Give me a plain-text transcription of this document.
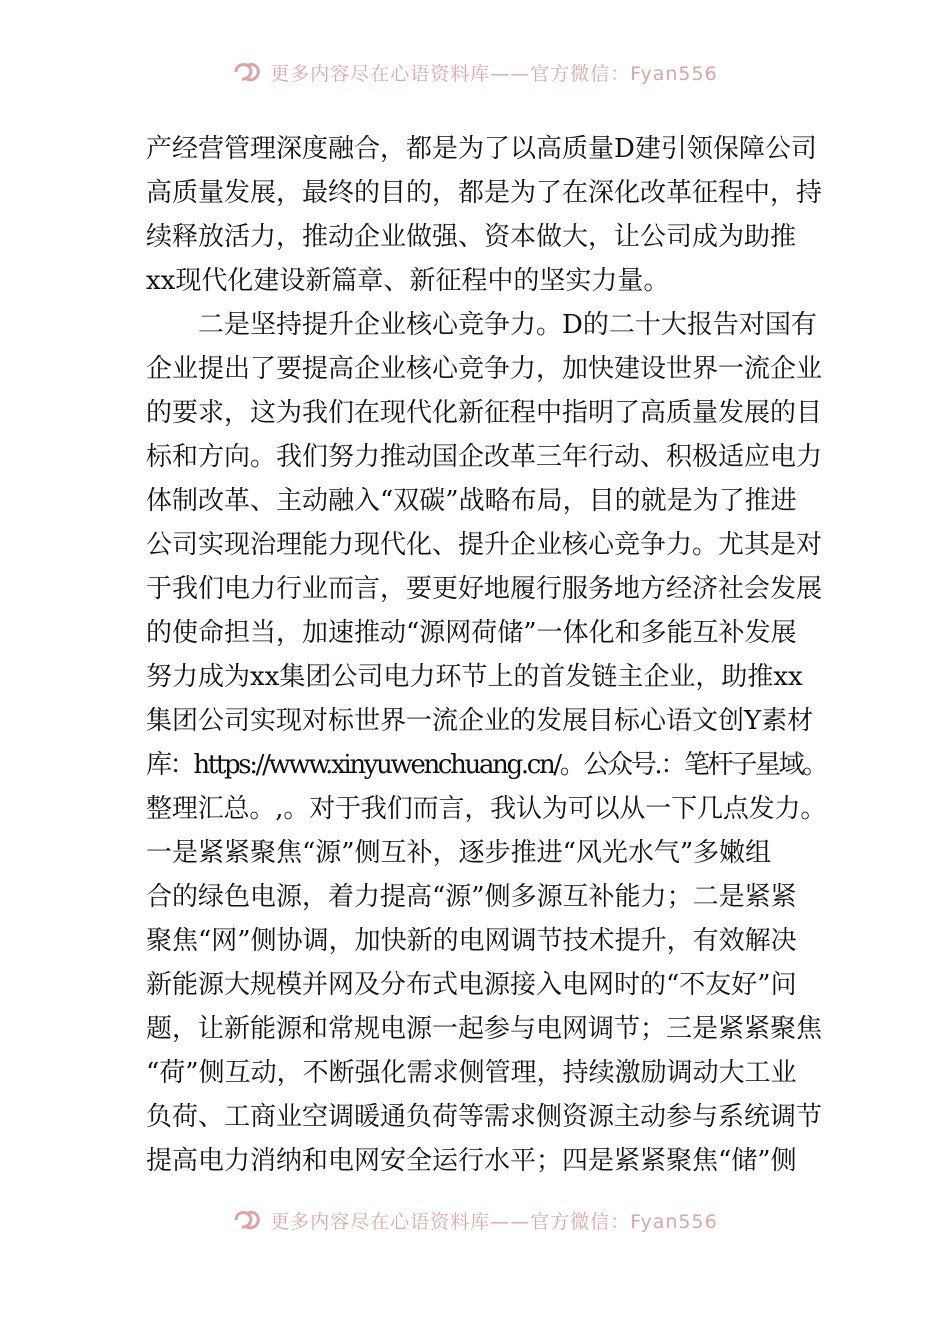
更多内容尽在心语资料库——官方微信：Fyan556
产经营管理深度融合，都是为了以高质量D建引领保障公司
高质量发展，最终的目的，都是为了在深化改革征程中，持
续释放活力，推动企业做强、资本做大，让公司成为助推
xx现代化建设新篇章、新征程中的坚实力量。
二是坚持提升企业核心竞争力。D的二十大报告对国有
企业提出了要提高企业核心竞争力，加快建设世界一流企业
的要求，这为我们在现代化新征程中指明了高质量发展的目
标和方向。我们努力推动国企改革三年行动、积极适应电力
体制改革、主动融入“双碳”战略布局，目的就是为了推进
公司实现治理能力现代化、提升企业核心竞争力。尤其是对
于我们电力行业而言，要更好地履行服务地方经济社会发展
的使命担当，加速推动“源网荷储”一体化和多能互补发展
努力成为xx集团公司电力环节上的首发链主企业，助推xx
集团公司实现对标世界一流企业的发展目标心语文创Y素材
库：https://www.xinyuwenchuang.cn/。公众号.：笔杆子星域。
整理汇总。,。对于我们而言，我认为可以从一下几点发力。
一是紧紧聚焦“源”侧互补，逐步推进“风光水气”多嫩组
合的绿色电源，着力提高“源”侧多源互补能力；二是紧紧
聚焦“网”侧协调，加快新的电网调节技术提升，有效解决
新能源大规模并网及分布式电源接入电网时的“不友好”问
题，让新能源和常规电源一起参与电网调节；三是紧紧聚焦
“荷”侧互动，不断强化需求侧管理，持续激励调动大工业
负荷、工商业空调暖通负荷等需求侧资源主动参与系统调节
提高电力消纳和电网安全运行水平；四是紧紧聚焦“储”侧
更多内容尽在心语资料库——官方微信：Fyan556
